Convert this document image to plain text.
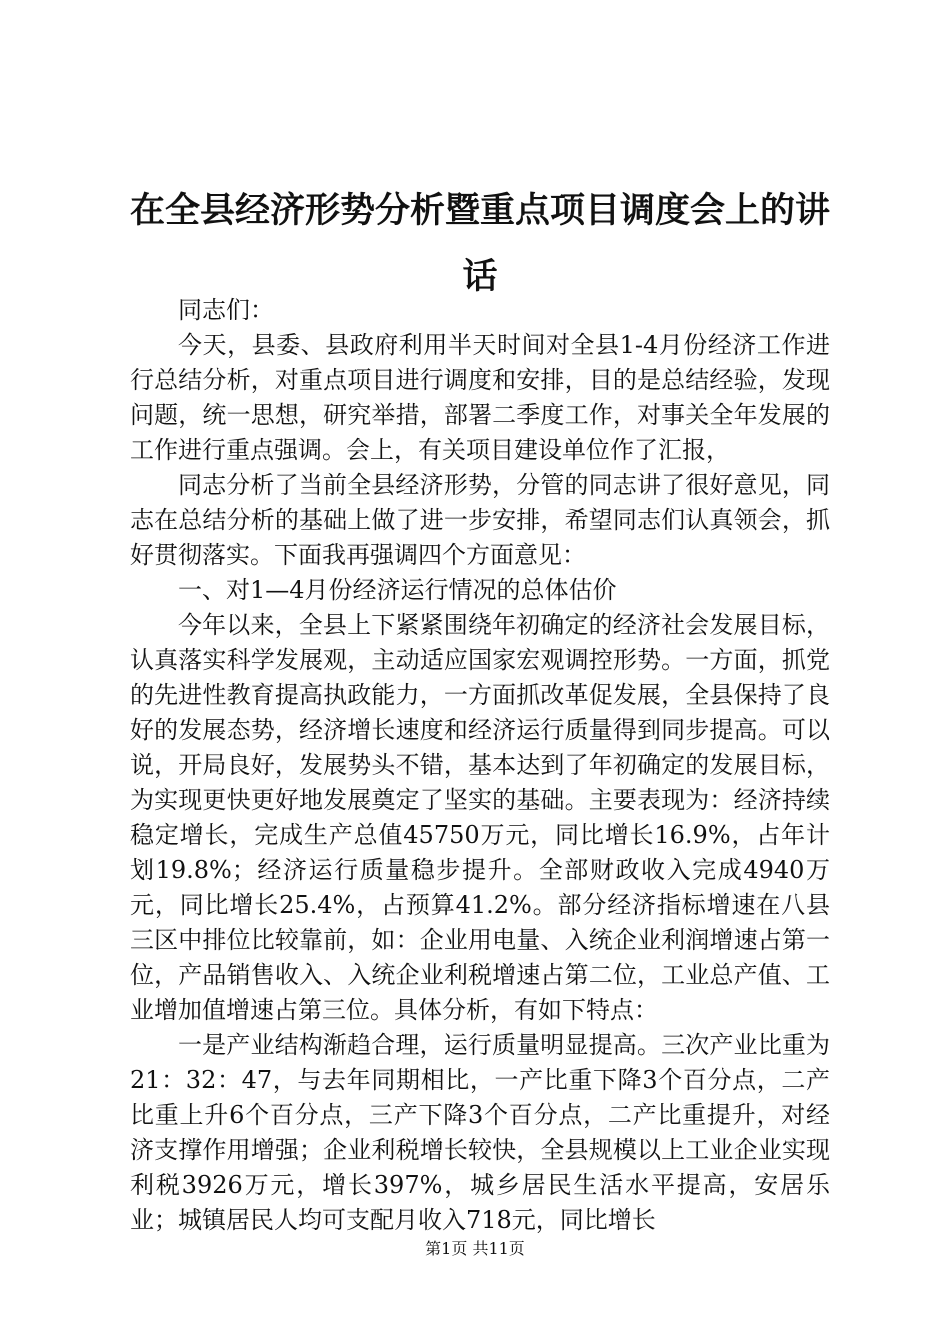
在全县经济形势分析暨重点项目调度会上的讲话

同志们：

今天，县委、县政府利用半天时间对全县1-4月份经济工作进行总结分析，对重点项目进行调度和安排，目的是总结经验，发现问题，统一思想，研究举措，部署二季度工作，对事关全年发展的工作进行重点强调。会上，有关项目建设单位作了汇报，

同志分析了当前全县经济形势，分管的同志讲了很好意见，同志在总结分析的基础上做了进一步安排，希望同志们认真领会，抓好贯彻落实。下面我再强调四个方面意见：

一、对1—4月份经济运行情况的总体估价

今年以来，全县上下紧紧围绕年初确定的经济社会发展目标，认真落实科学发展观，主动适应国家宏观调控形势。一方面，抓党的先进性教育提高执政能力，一方面抓改革促发展，全县保持了良好的发展态势，经济增长速度和经济运行质量得到同步提高。可以说，开局良好，发展势头不错，基本达到了年初确定的发展目标，为实现更快更好地发展奠定了坚实的基础。主要表现为：经济持续稳定增长，完成生产总值45750万元，同比增长16.9%，占年计划19.8%；经济运行质量稳步提升。全部财政收入完成4940万元，同比增长25.4%，占预算41.2%。部分经济指标增速在八县三区中排位比较靠前，如：企业用电量、入统企业利润增速占第一位，产品销售收入、入统企业利税增速占第二位，工业总产值、工业增加值增速占第三位。具体分析，有如下特点：

一是产业结构渐趋合理，运行质量明显提高。三次产业比重为21：32：47，与去年同期相比，一产比重下降3个百分点，二产比重上升6个百分点，三产下降3个百分点，二产比重提升，对经济支撑作用增强；企业利税增长较快，全县规模以上工业企业实现利税3926万元，增长397%，城乡居民生活水平提高，安居乐业；城镇居民人均可支配月收入718元，同比增长

第1页 共11页
